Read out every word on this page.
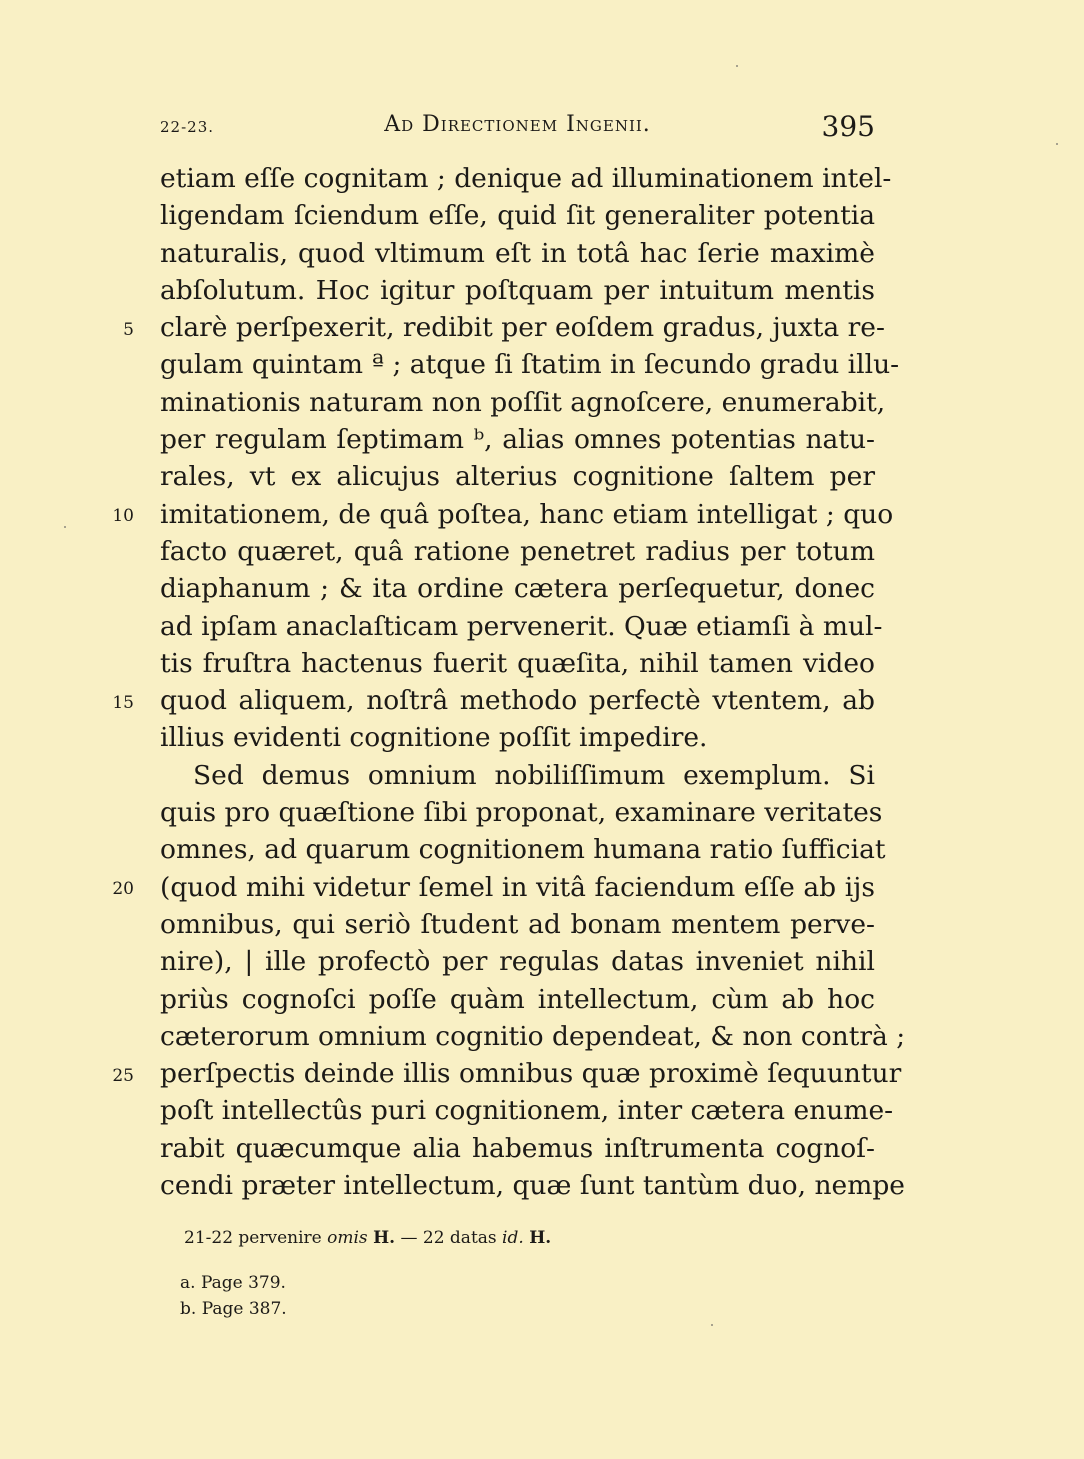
22-23.	Ad Directionem Ingenii.	395
5
10
15
20
25
etiam eſſe cognitam ; denique ad illuminationem intel-
ligendam ſciendum eſſe, quid ſit generaliter potentia
naturalis, quod vltimum eſt in totâ hac ſerie maximè
abſolutum. Hoc igitur poſtquam per intuitum mentis
clarè perſpexerit, redibit per eoſdem gradus, juxta re-
gulam quintam ª ; atque ſi ſtatim in ſecundo gradu illu-
minationis naturam non poſſit agnoſcere, enumerabit,
per regulam ſeptimam ᵇ, alias omnes potentias natu-
rales, vt ex alicujus alterius cognitione ſaltem per
imitationem, de quâ poſtea, hanc etiam intelligat ; quo
facto quæret, quâ ratione penetret radius per totum
diaphanum ; & ita ordine cætera perſequetur, donec
ad ipſam anaclaſticam pervenerit. Quæ etiamſi à mul-
tis fruſtra hactenus fuerit quæſita, nihil tamen video
quod aliquem, noſtrâ methodo perfectè vtentem, ab
illius evidenti cognitione poſſit impedire.
Sed demus omnium nobiliſſimum exemplum. Si
quis pro quæſtione ſibi proponat, examinare veritates
omnes, ad quarum cognitionem humana ratio ſufficiat
(quod mihi videtur ſemel in vitâ faciendum eſſe ab ijs
omnibus, qui seriò ſtudent ad bonam mentem perve-
nire), | ille profectò per regulas datas inveniet nihil
priùs cognoſci poſſe quàm intellectum, cùm ab hoc
cæterorum omnium cognitio dependeat, & non contrà ;
perſpectis deinde illis omnibus quæ proximè ſequuntur
poſt intellectûs puri cognitionem, inter cætera enume-
rabit quæcumque alia habemus inſtrumenta cognoſ-
cendi præter intellectum, quæ ſunt tantùm duo, nempe
21-22 pervenire omis H. — 22 datas id. H.
a. Page 379.
b. Page 387.
